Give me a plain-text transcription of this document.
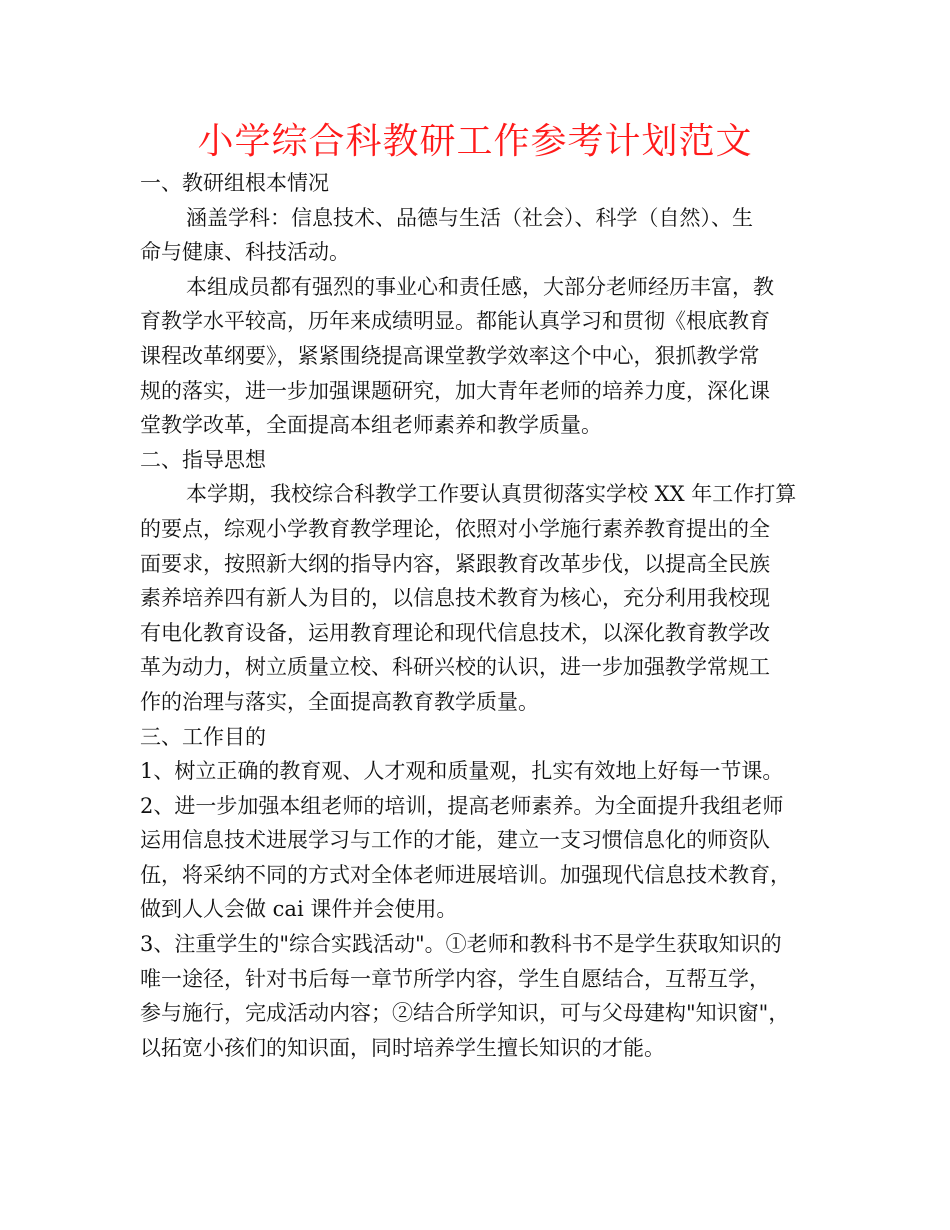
小学综合科教研工作参考计划范文
一、教研组根本情况
涵盖学科：信息技术、品德与生活（社会）、科学（自然）、生
命与健康、科技活动。
本组成员都有强烈的事业心和责任感，大部分老师经历丰富，教
育教学水平较高，历年来成绩明显。都能认真学习和贯彻《根底教育
课程改革纲要》，紧紧围绕提高课堂教学效率这个中心，狠抓教学常
规的落实，进一步加强课题研究，加大青年老师的培养力度，深化课
堂教学改革，全面提高本组老师素养和教学质量。
二、指导思想
本学期，我校综合科教学工作要认真贯彻落实学校 XX 年工作打算
的要点，综观小学教育教学理论，依照对小学施行素养教育提出的全
面要求，按照新大纲的指导内容，紧跟教育改革步伐，以提高全民族
素养培养四有新人为目的，以信息技术教育为核心，充分利用我校现
有电化教育设备，运用教育理论和现代信息技术，以深化教育教学改
革为动力，树立质量立校、科研兴校的认识，进一步加强教学常规工
作的治理与落实，全面提高教育教学质量。
三、工作目的
1、树立正确的教育观、人才观和质量观，扎实有效地上好每一节课。
2、进一步加强本组老师的培训，提高老师素养。为全面提升我组老师
运用信息技术进展学习与工作的才能，建立一支习惯信息化的师资队
伍，将采纳不同的方式对全体老师进展培训。加强现代信息技术教育，
做到人人会做 cai 课件并会使用。
3、注重学生的"综合实践活动"。①老师和教科书不是学生获取知识的
唯一途径，针对书后每一章节所学内容，学生自愿结合，互帮互学，
参与施行，完成活动内容；②结合所学知识，可与父母建构"知识窗"，
以拓宽小孩们的知识面，同时培养学生擅长知识的才能。
